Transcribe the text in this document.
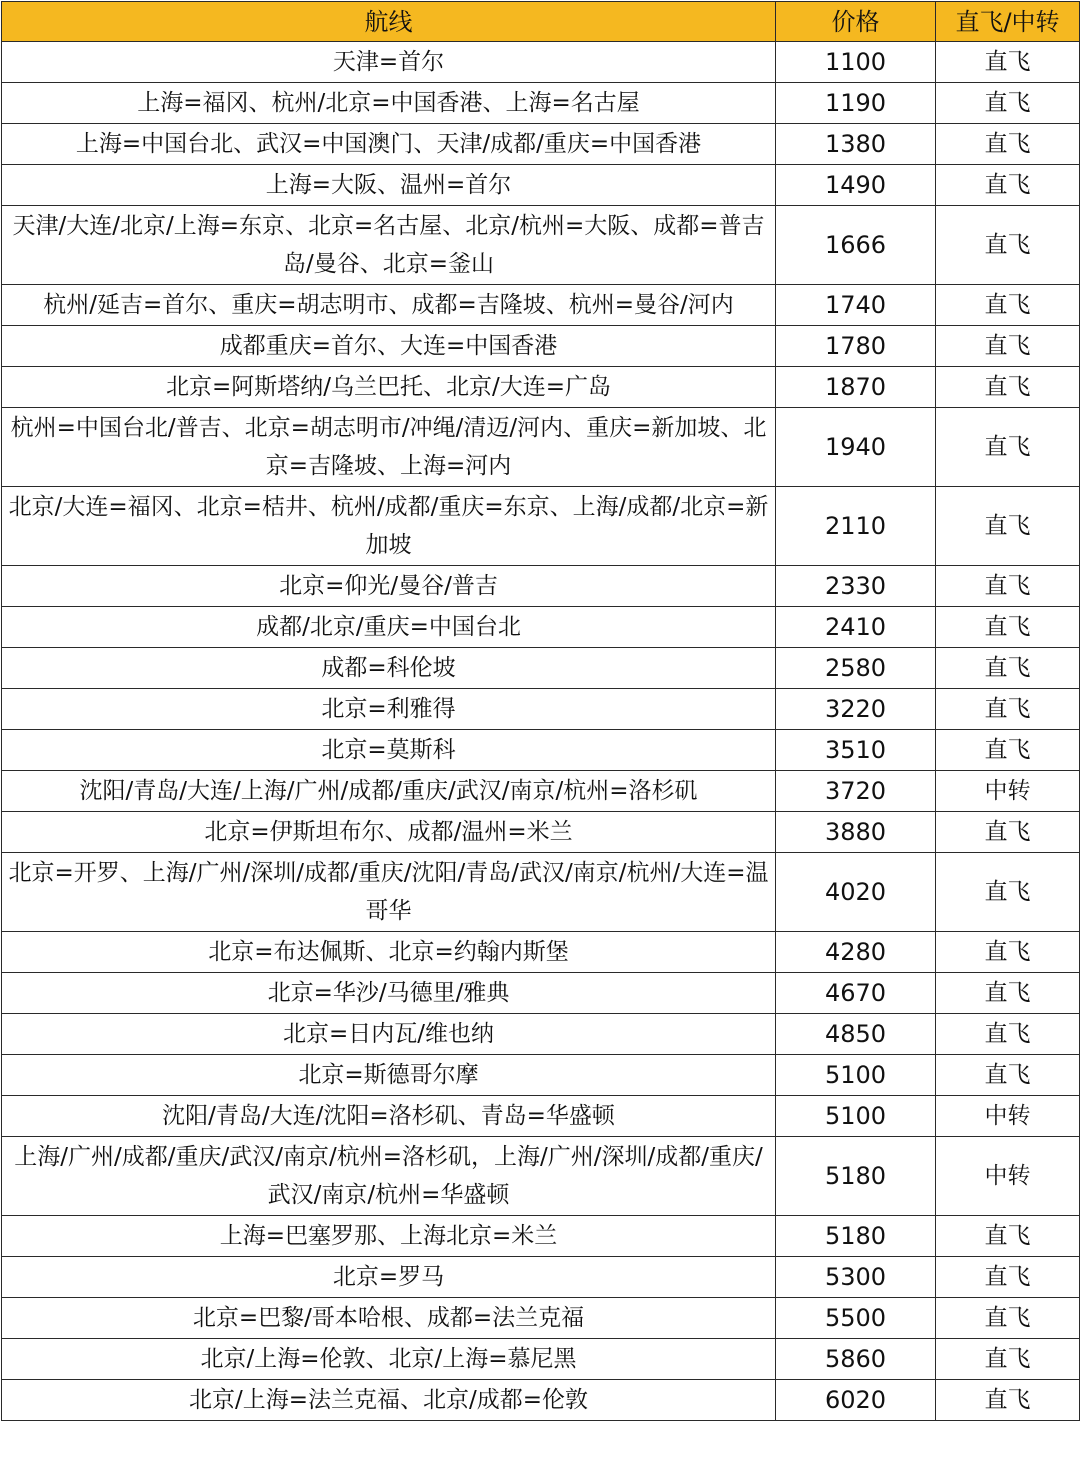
航线	价格	直飞/中转
天津=首尔	1100	直飞
上海=福冈、杭州/北京=中国香港、上海=名古屋	1190	直飞
上海=中国台北、武汉=中国澳门、天津/成都/重庆=中国香港	1380	直飞
上海=大阪、温州=首尔	1490	直飞
天津/大连/北京/上海=东京、北京=名古屋、北京/杭州=大阪、成都=普吉岛/曼谷、北京=釜山	1666	直飞
杭州/延吉=首尔、重庆=胡志明市、成都=吉隆坡、杭州=曼谷/河内	1740	直飞
成都重庆=首尔、大连=中国香港	1780	直飞
北京=阿斯塔纳/乌兰巴托、北京/大连=广岛	1870	直飞
杭州=中国台北/普吉、北京=胡志明市/冲绳/清迈/河内、重庆=新加坡、北京=吉隆坡、上海=河内	1940	直飞
北京/大连=福冈、北京=桔井、杭州/成都/重庆=东京、上海/成都/北京=新加坡	2110	直飞
北京=仰光/曼谷/普吉	2330	直飞
成都/北京/重庆=中国台北	2410	直飞
成都=科伦坡	2580	直飞
北京=利雅得	3220	直飞
北京=莫斯科	3510	直飞
沈阳/青岛/大连/上海/广州/成都/重庆/武汉/南京/杭州=洛杉矶	3720	中转
北京=伊斯坦布尔、成都/温州=米兰	3880	直飞
北京=开罗、上海/广州/深圳/成都/重庆/沈阳/青岛/武汉/南京/杭州/大连=温哥华	4020	直飞
北京=布达佩斯、北京=约翰内斯堡	4280	直飞
北京=华沙/马德里/雅典	4670	直飞
北京=日内瓦/维也纳	4850	直飞
北京=斯德哥尔摩	5100	直飞
沈阳/青岛/大连/沈阳=洛杉矶、青岛=华盛顿	5100	中转
上海/广州/成都/重庆/武汉/南京/杭州=洛杉矶，上海/广州/深圳/成都/重庆/武汉/南京/杭州=华盛顿	5180	中转
上海=巴塞罗那、上海北京=米兰	5180	直飞
北京=罗马	5300	直飞
北京=巴黎/哥本哈根、成都=法兰克福	5500	直飞
北京/上海=伦敦、北京/上海=慕尼黑	5860	直飞
北京/上海=法兰克福、北京/成都=伦敦	6020	直飞
